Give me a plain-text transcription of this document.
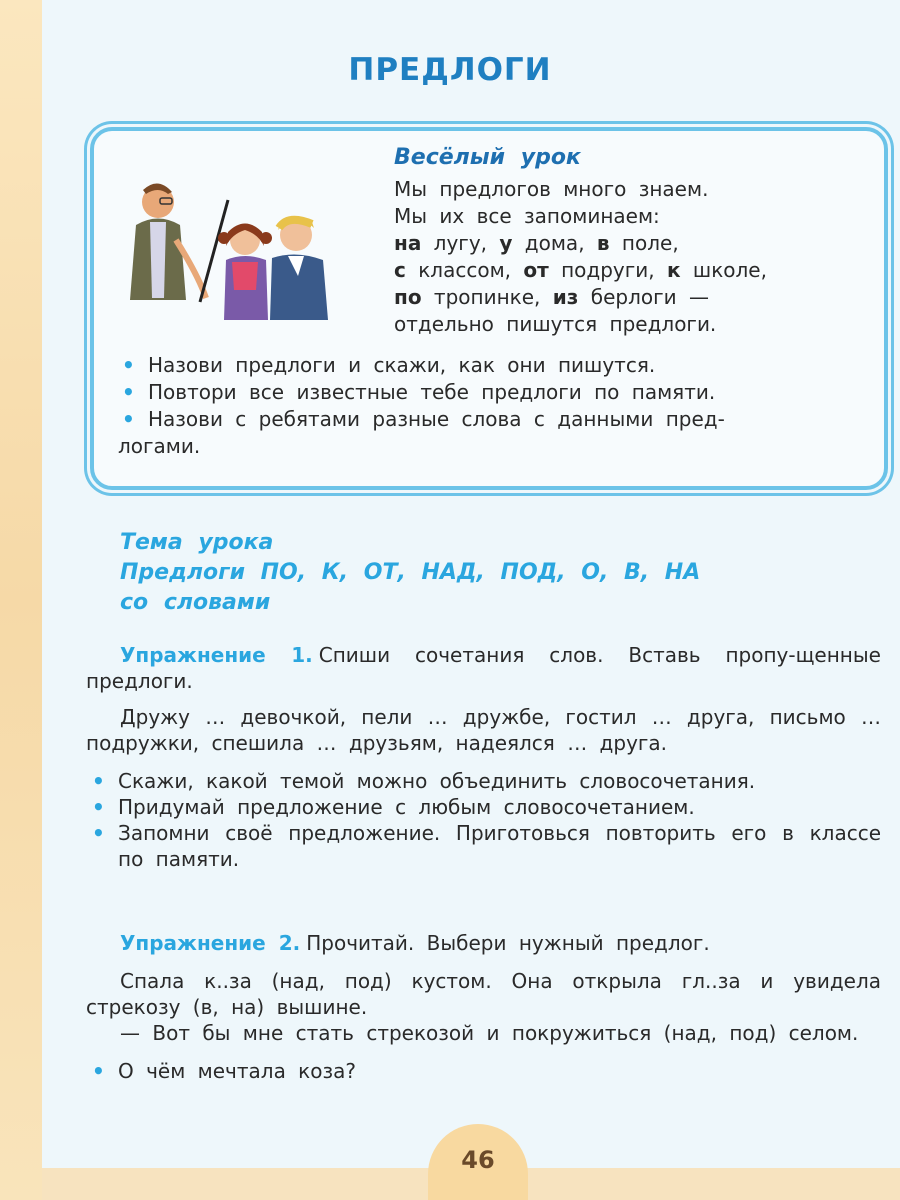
ПРЕДЛОГИ
Весёлый урок
Мы предлогов много знаем.
Мы их все запоминаем:
на лугу, у дома, в поле,
с классом, от подруги, к школе,
по тропинке, из берлоги —
отдельно пишутся предлоги.
• Назови предлоги и скажи, как они пишутся.
• Повтори все известные тебе предлоги по памяти.
• Назови с ребятами разные слова с данными пред-
логами.
Тема урока
Предлоги ПО, К, ОТ, НАД, ПОД, О, В, НА
со словами

Упражнение 1. Спиши сочетания слов. Вставь пропу-щенные предлоги.

Дружу … девочкой, пели … дружбе, гостил … друга, письмо … подружки, спешила … друзьям, надеялся … друга.

• Скажи, какой темой можно объединить словосочетания.
• Придумай предложение с любым словосочетанием.
• Запомни своё предложение. Приготовься повторить его в классе по памяти.

Упражнение 2. Прочитай. Выбери нужный предлог.

Спала к..за (над, под) кустом. Она открыла гл..за и увидела стрекозу (в, на) вышине.

— Вот бы мне стать стрекозой и покружиться (над, под) селом.

• О чём мечтала коза?
46
